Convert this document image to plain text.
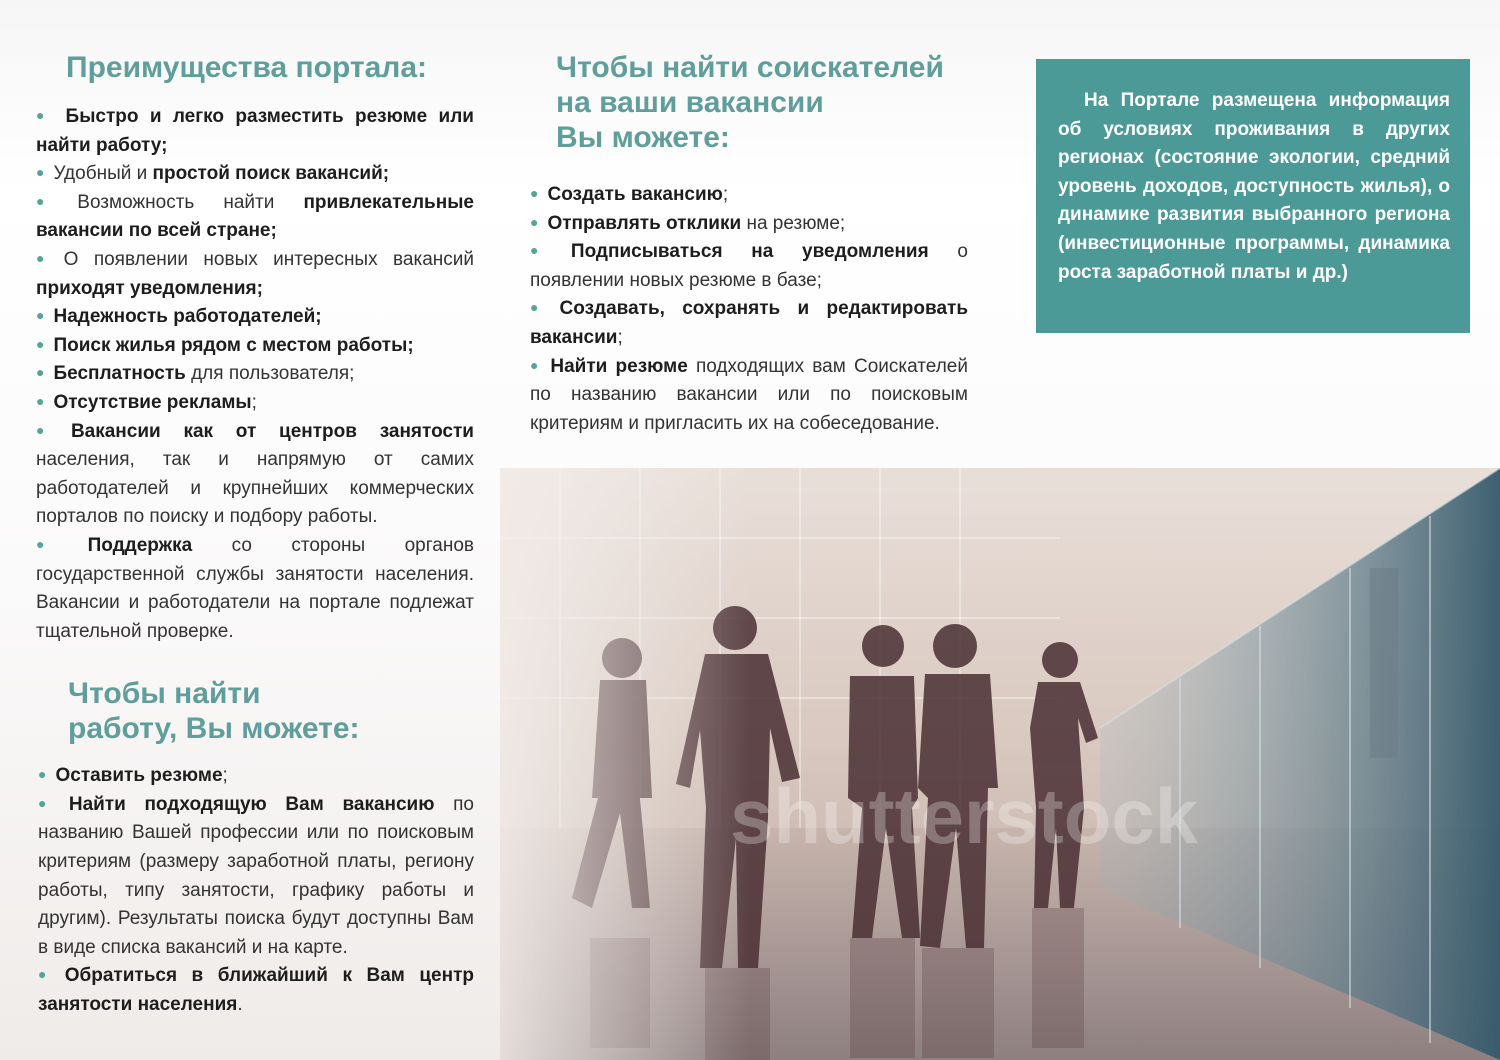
Преимущества портала:
● Быстро и легко разместить резюме или найти работу;
● Удобный и простой поиск вакансий;
● Возможность найти привлекательные вакансии по всей стране;
● О появлении новых интересных вакансий приходят уведомления;
● Надежность работодателей;
● Поиск жилья рядом с местом работы;
● Бесплатность для пользователя;
● Отсутствие рекламы;
● Вакансии как от центров занятости населения, так и напрямую от самих работодателей и крупнейших коммерческих порталов по поиску и подбору работы.
● Поддержка со стороны органов государственной службы занятости населения. Вакансии и работодатели на портале подлежат тщательной проверке.
Чтобы найти
работу, Вы можете:
● Оставить резюме;
● Найти подходящую Вам вакансию по названию Вашей профессии или по поисковым критериям (размеру заработной платы, региону работы, типу занятости, графику работы и другим). Результаты поиска будут доступны Вам в виде списка вакансий и на карте.
● Обратиться в ближайший к Вам центр занятости населения.
Чтобы найти соискателей
на ваши вакансии
Вы можете:
● Создать вакансию;
● Отправлять отклики на резюме;
● Подписываться на уведомления о появлении новых резюме в базе;
● Создавать, сохранять и редактировать вакансии;
● Найти резюме подходящих вам Соискателей по названию вакансии или по поисковым критериям и пригласить их на собеседование.

На Портале размещена информация об условиях проживания в других регионах (состояние экологии, средний уровень доходов, доступность жилья), о динамике развития выбранного региона (инвестиционные программы, динамика роста заработной платы и др.)

shutterstock
